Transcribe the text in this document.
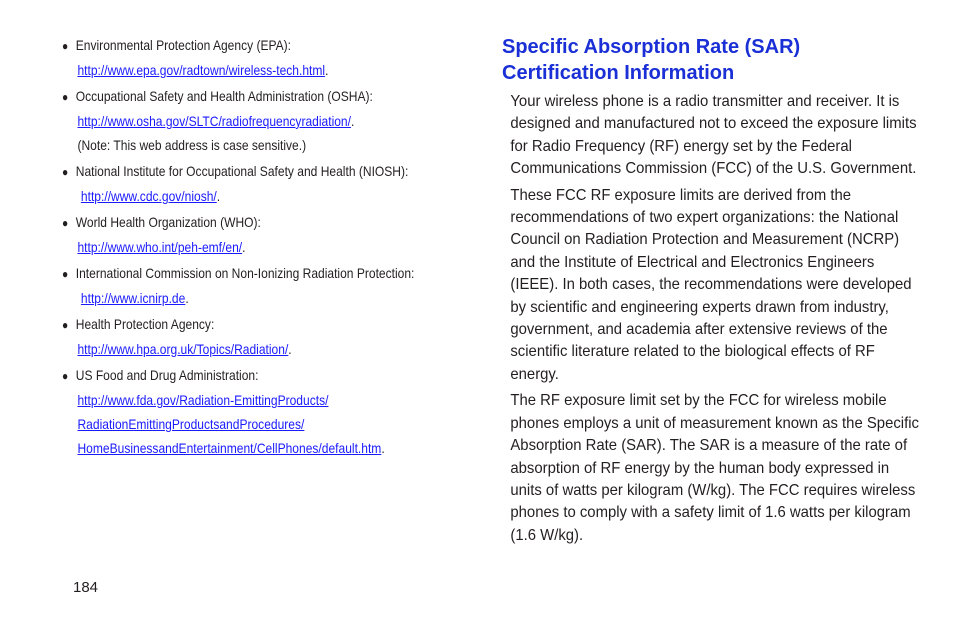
● Environmental Protection Agency (EPA):
http://www.epa.gov/radtown/wireless-tech.html.
● Occupational Safety and Health Administration (OSHA):
http://www.osha.gov/SLTC/radiofrequencyradiation/.
(Note: This web address is case sensitive.)
● National Institute for Occupational Safety and Health (NIOSH):
http://www.cdc.gov/niosh/.
● World Health Organization (WHO):
http://www.who.int/peh-emf/en/.
● International Commission on Non-Ionizing Radiation Protection:
http://www.icnirp.de.
● Health Protection Agency:
http://www.hpa.org.uk/Topics/Radiation/.
● US Food and Drug Administration:
http://www.fda.gov/Radiation-EmittingProducts/
RadiationEmittingProductsandProcedures/
HomeBusinessandEntertainment/CellPhones/default.htm.
Specific Absorption Rate (SAR)
Certification Information

Your wireless phone is a radio transmitter and receiver. It is designed and manufactured not to exceed the exposure limits for Radio Frequency (RF) energy set by the Federal Communications Commission (FCC) of the U.S. Government.

These FCC RF exposure limits are derived from the recommendations of two expert organizations: the National Council on Radiation Protection and Measurement (NCRP) and the Institute of Electrical and Electronics Engineers (IEEE). In both cases, the recommendations were developed by scientific and engineering experts drawn from industry, government, and academia after extensive reviews of the scientific literature related to the biological effects of RF energy.

The RF exposure limit set by the FCC for wireless mobile phones employs a unit of measurement known as the Specific Absorption Rate (SAR). The SAR is a measure of the rate of absorption of RF energy by the human body expressed in units of watts per kilogram (W/kg). The FCC requires wireless phones to comply with a safety limit of 1.6 watts per kilogram (1.6 W/kg).

184
